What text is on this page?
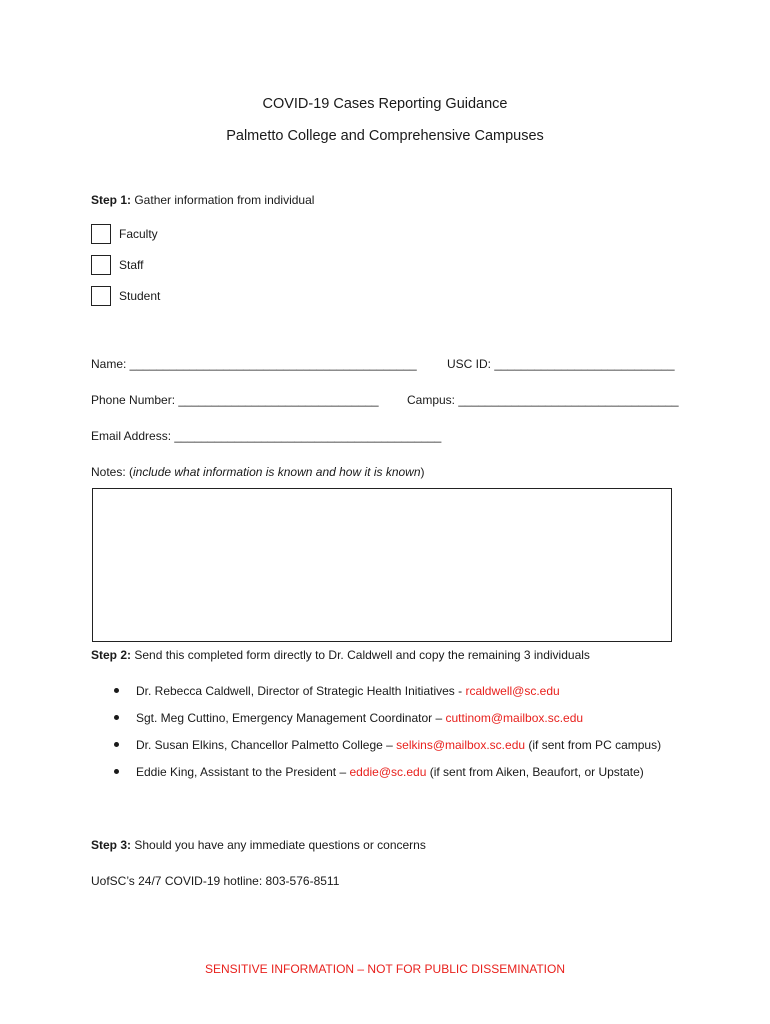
COVID-19 Cases Reporting Guidance
Palmetto College and Comprehensive Campuses
Step 1: Gather information from individual
Faculty
Staff
Student
Name: ___________________________________________	USC ID: ___________________________
Phone Number: ______________________________ Campus: _________________________________
Email Address: ________________________________________
Notes: (include what information is known and how it is known)
Step 2: Send this completed form directly to Dr. Caldwell and copy the remaining 3 individuals
Dr. Rebecca Caldwell, Director of Strategic Health Initiatives - rcaldwell@sc.edu
Sgt. Meg Cuttino, Emergency Management Coordinator – cuttinom@mailbox.sc.edu
Dr. Susan Elkins, Chancellor Palmetto College – selkins@mailbox.sc.edu (if sent from PC campus)
Eddie King, Assistant to the President – eddie@sc.edu (if sent from Aiken, Beaufort, or Upstate)
Step 3: Should you have any immediate questions or concerns
UofSC’s 24/7 COVID-19 hotline: 803-576-8511
SENSITIVE INFORMATION – NOT FOR PUBLIC DISSEMINATION
